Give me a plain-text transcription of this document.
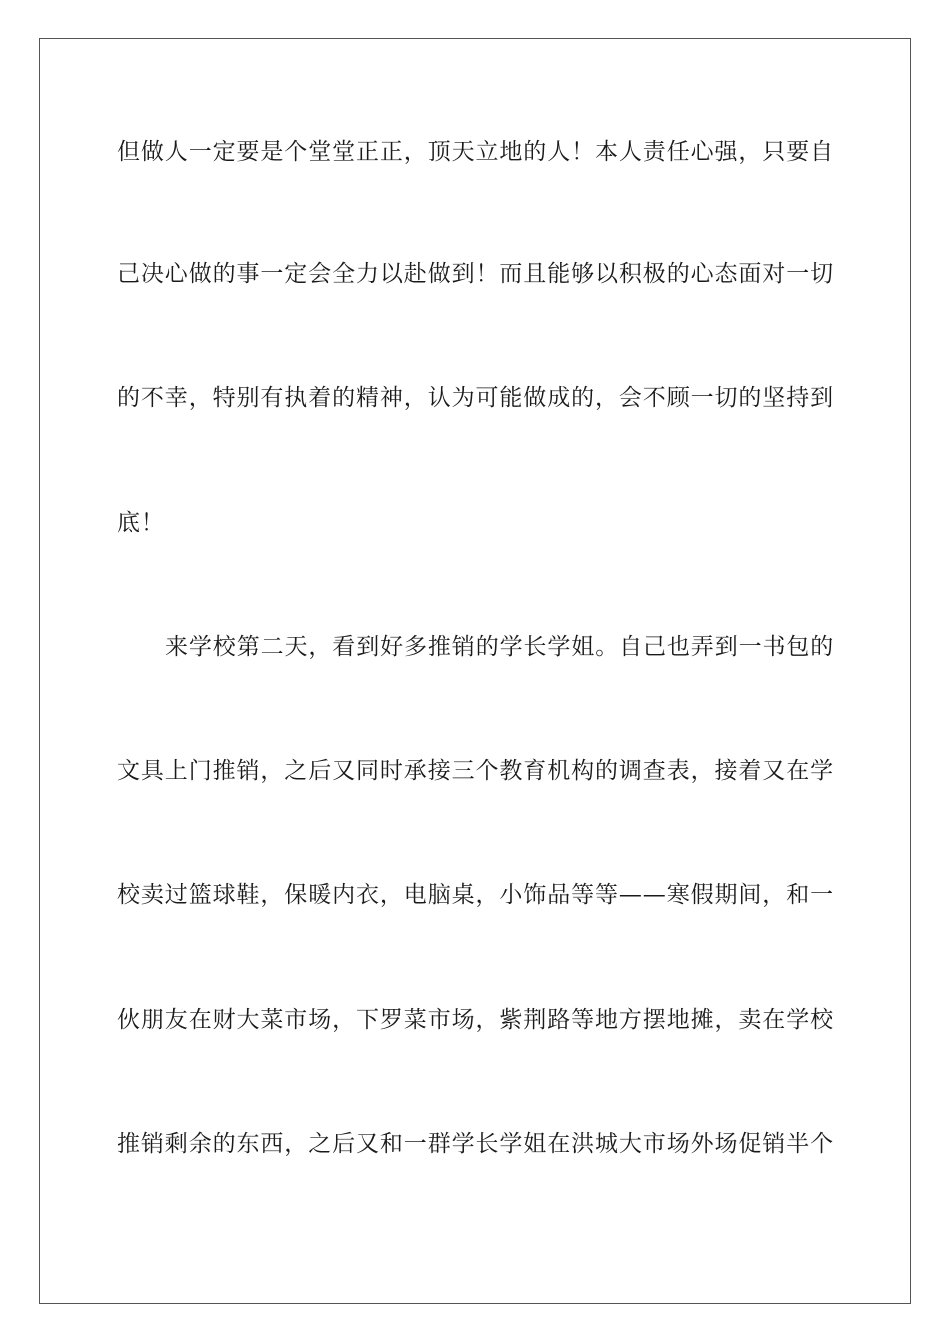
但做人一定要是个堂堂正正，顶天立地的人！本人责任心强，只要自
己决心做的事一定会全力以赴做到！而且能够以积极的心态面对一切
的不幸，特别有执着的精神，认为可能做成的，会不顾一切的坚持到
底！
来学校第二天，看到好多推销的学长学姐。自己也弄到一书包的
文具上门推销，之后又同时承接三个教育机构的调查表，接着又在学
校卖过篮球鞋，保暖内衣，电脑桌，小饰品等等——寒假期间，和一
伙朋友在财大菜市场，下罗菜市场，紫荆路等地方摆地摊，卖在学校
推销剩余的东西，之后又和一群学长学姐在洪城大市场外场促销半个
